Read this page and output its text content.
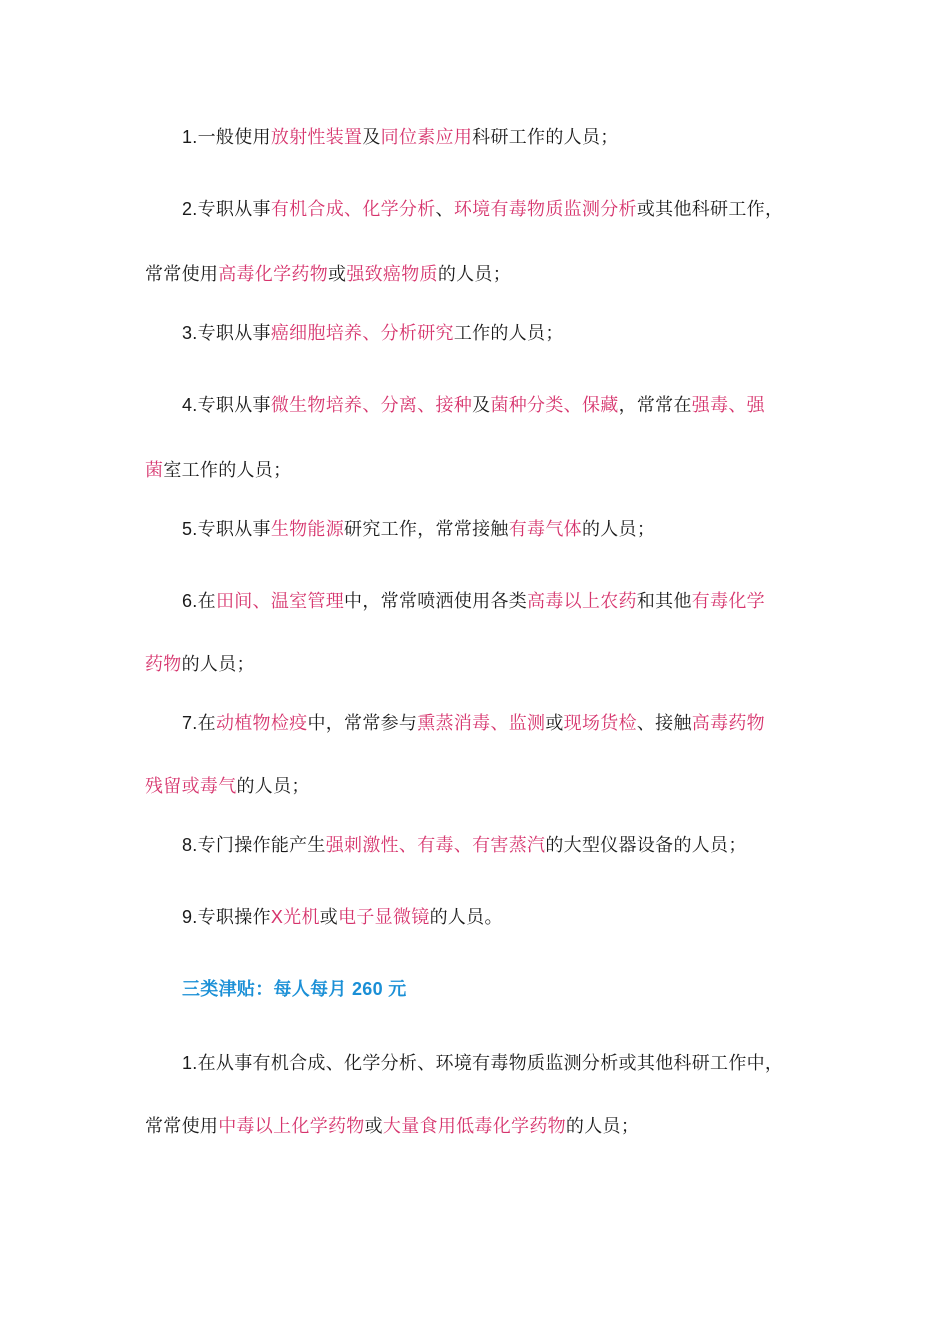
1.一般使用放射性装置及同位素应用科研工作的人员；
2.专职从事有机合成、化学分析、环境有毒物质监测分析或其他科研工作，
常常使用高毒化学药物或强致癌物质的人员；
3.专职从事癌细胞培养、分析研究工作的人员；
4.专职从事微生物培养、分离、接种及菌种分类、保藏，常常在强毒、强
菌室工作的人员；
5.专职从事生物能源研究工作，常常接触有毒气体的人员；
6.在田间、温室管理中，常常喷洒使用各类高毒以上农药和其他有毒化学
药物的人员；
7.在动植物检疫中，常常参与熏蒸消毒、监测或现场货检、接触高毒药物
残留或毒气的人员；
8.专门操作能产生强刺激性、有毒、有害蒸汽的大型仪器设备的人员；
9.专职操作X光机或电子显微镜的人员。
三类津贴：每人每月 260 元
1.在从事有机合成、化学分析、环境有毒物质监测分析或其他科研工作中，
常常使用中毒以上化学药物或大量食用低毒化学药物的人员；
